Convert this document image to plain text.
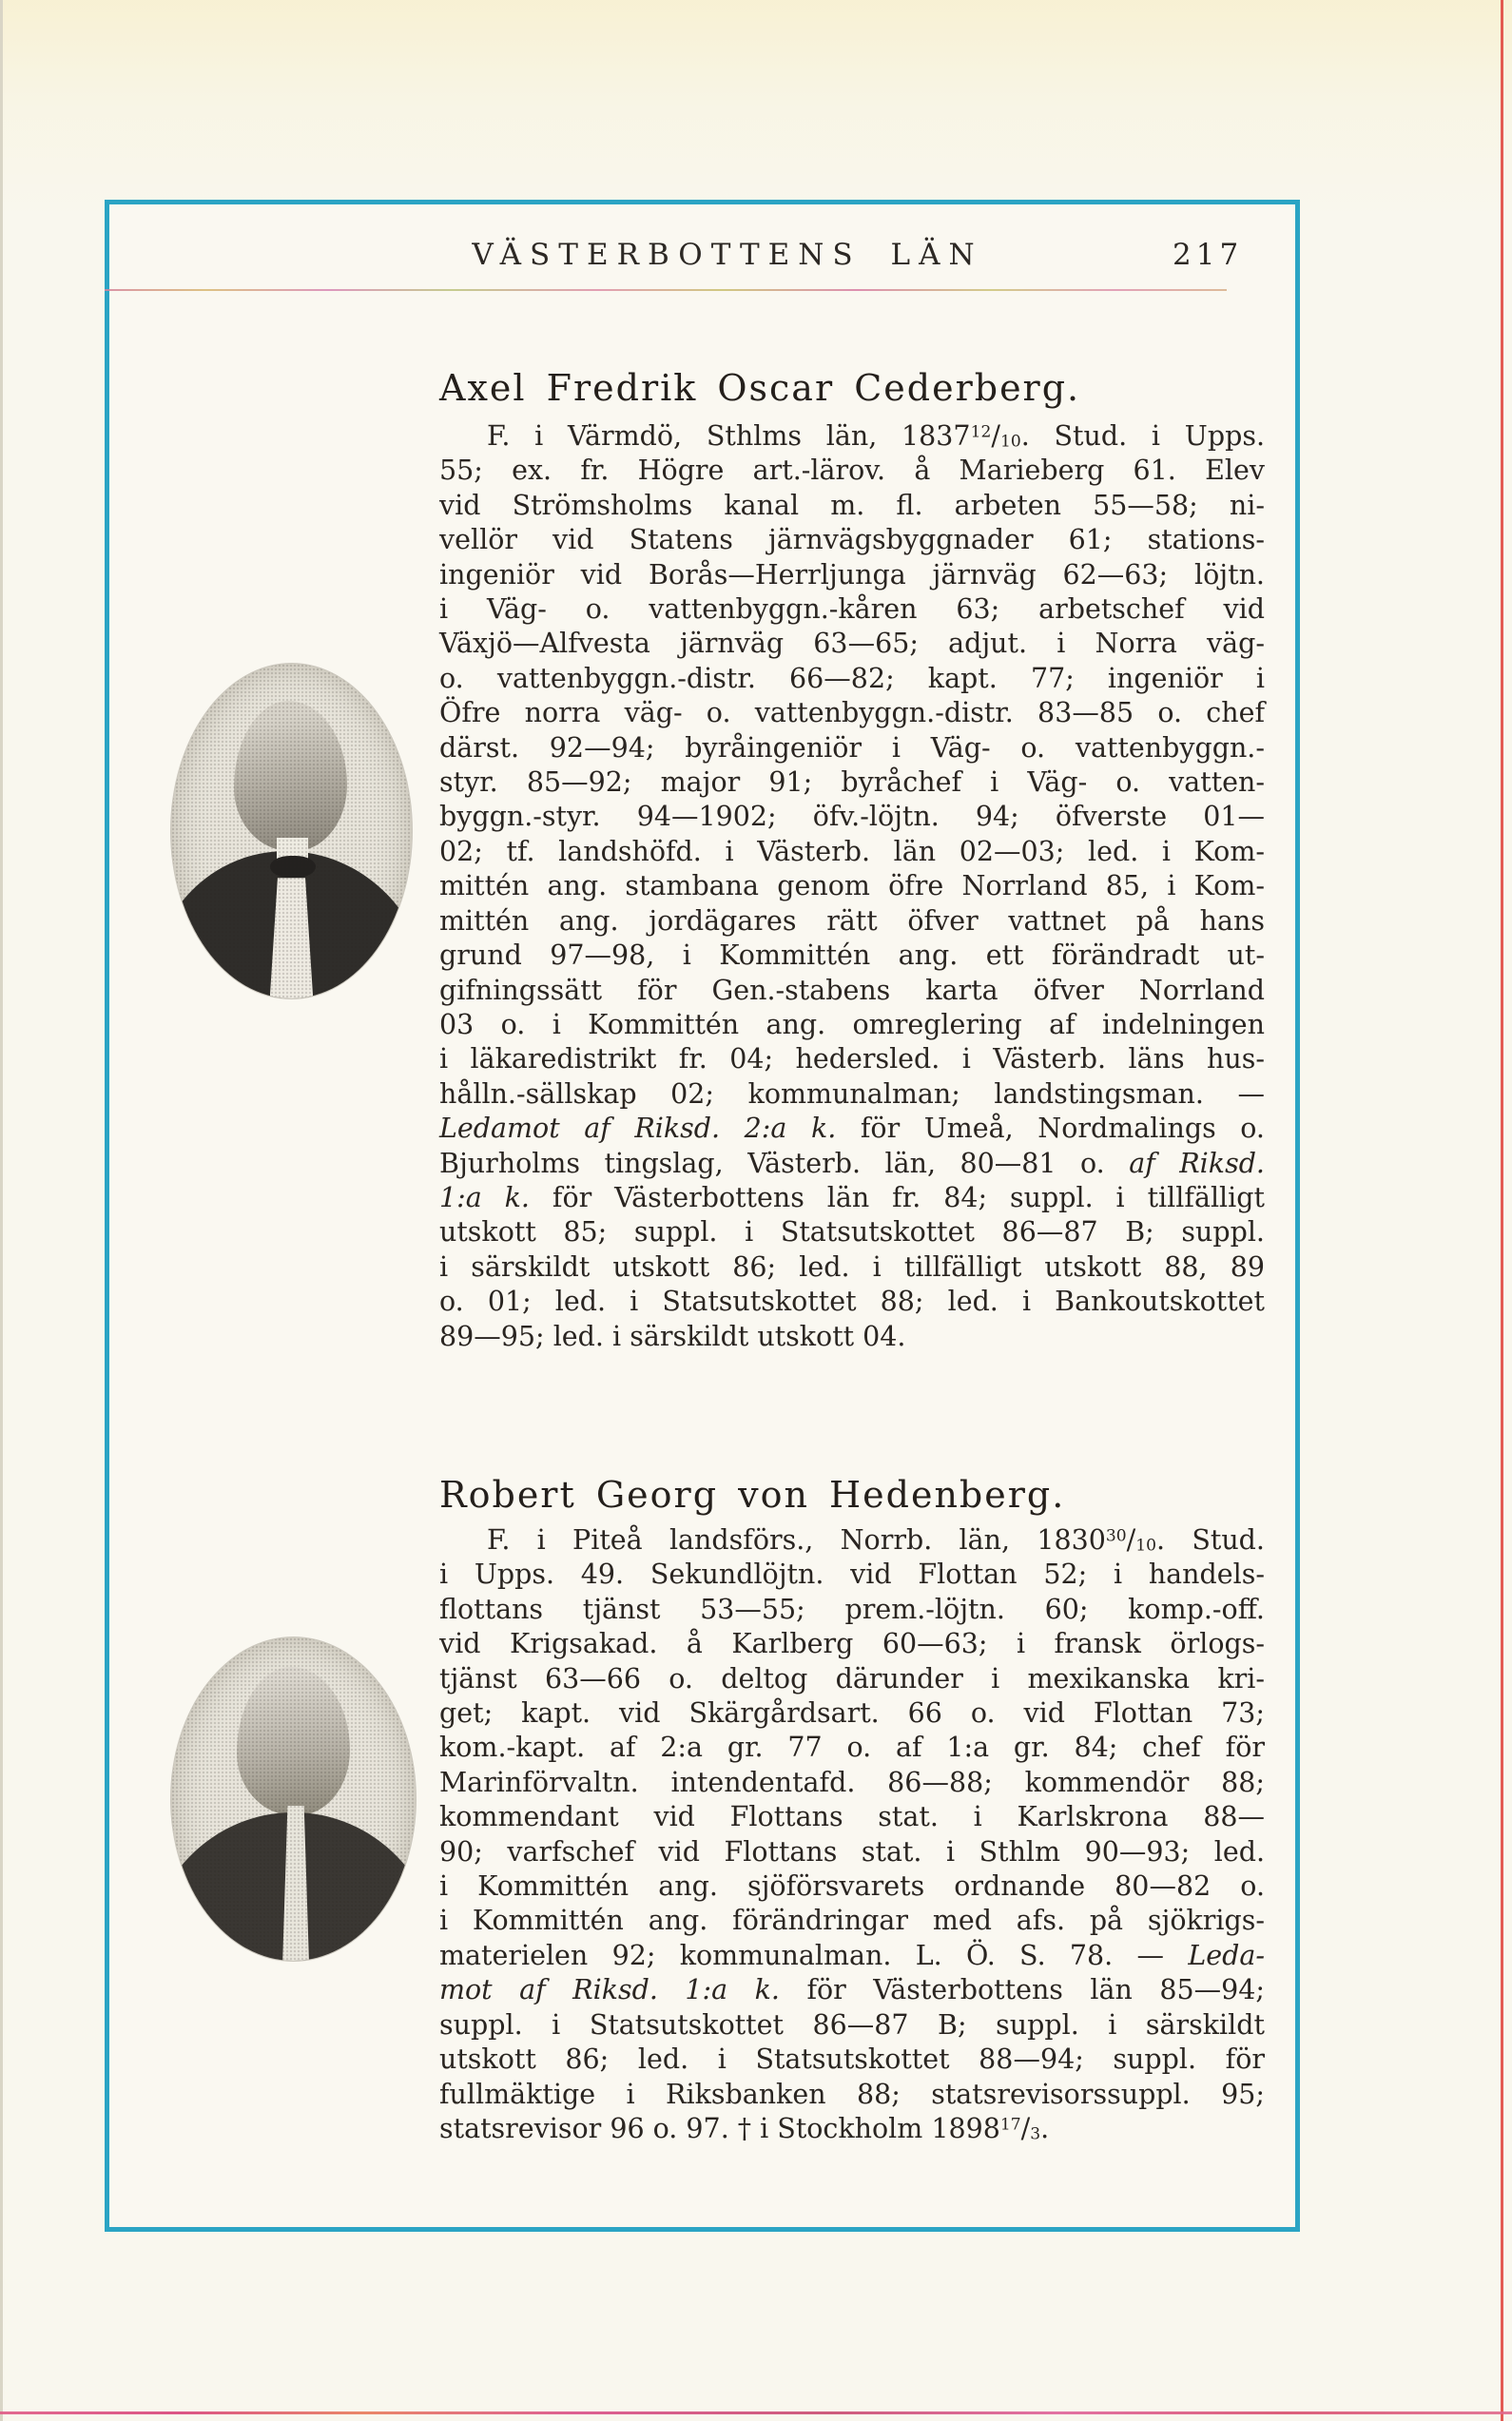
VÄSTERBOTTENS LÄN	217
Axel Fredrik Oscar Cederberg.
F. i Värmdö, Sthlms län, $1837^{12}/_{10}$. Stud. i Upps.
55; ex. fr. Högre art.-lärov. å Marieberg 61. Elev
vid Strömsholms kanal m. fl. arbeten 55—58; ni-
vellör vid Statens järnvägsbyggnader 61; stations-
ingeniör vid Borås—Herrljunga järnväg 62—63; löjtn.
i Väg- o. vattenbyggn.-kåren 63; arbetschef vid
Växjö—Alfvesta järnväg 63—65; adjut. i Norra väg-
o. vattenbyggn.-distr. 66—82; kapt. 77; ingeniör i
Öfre norra väg- o. vattenbyggn.-distr. 83—85 o. chef
därst. 92—94; byråingeniör i Väg- o. vattenbyggn.-
styr. 85—92; major 91; byråchef i Väg- o. vatten-
byggn.-styr. 94—1902; öfv.-löjtn. 94; öfverste 01—
02; tf. landshöfd. i Västerb. län 02—03; led. i Kom-
mittén ang. stambana genom öfre Norrland 85, i Kom-
mittén ang. jordägares rätt öfver vattnet på hans
grund 97—98, i Kommittén ang. ett förändradt ut-
gifningssätt för Gen.-stabens karta öfver Norrland
03 o. i Kommittén ang. omreglering af indelningen
i läkaredistrikt fr. 04; hedersled. i Västerb. läns hus-
hålln.-sällskap 02; kommunalman; landstingsman. —
Ledamot af Riksd. 2:a k. för Umeå, Nordmalings o.
Bjurholms tingslag, Västerb. län, 80—81 o. af Riksd.
1:a k. för Västerbottens län fr. 84; suppl. i tillfälligt
utskott 85; suppl. i Statsutskottet 86—87 B; suppl.
i särskildt utskott 86; led. i tillfälligt utskott 88, 89
o. 01; led. i Statsutskottet 88; led. i Bankoutskottet
89—95; led. i särskildt utskott 04.
Robert Georg von Hedenberg.
F. i Piteå landsförs., Norrb. län, $1830^{30}/_{10}$. Stud.
i Upps. 49. Sekundlöjtn. vid Flottan 52; i handels-
flottans tjänst 53—55; prem.-löjtn. 60; komp.-off.
vid Krigsakad. å Karlberg 60—63; i fransk örlogs-
tjänst 63—66 o. deltog därunder i mexikanska kri-
get; kapt. vid Skärgårdsart. 66 o. vid Flottan 73;
kom.-kapt. af 2:a gr. 77 o. af 1:a gr. 84; chef för
Marinförvaltn. intendentafd. 86—88; kommendör 88;
kommendant vid Flottans stat. i Karlskrona 88—
90; varfschef vid Flottans stat. i Sthlm 90—93; led.
i Kommittén ang. sjöförsvarets ordnande 80—82 o.
i Kommittén ang. förändringar med afs. på sjökrigs-
materielen 92; kommunalman. L. Ö. S. 78. — Leda-
mot af Riksd. 1:a k. för Västerbottens län 85—94;
suppl. i Statsutskottet 86—87 B; suppl. i särskildt
utskott 86; led. i Statsutskottet 88—94; suppl. för
fullmäktige i Riksbanken 88; statsrevisorssuppl. 95;
statsrevisor 96 o. 97. † i Stockholm $1898^{17}/_3$.
